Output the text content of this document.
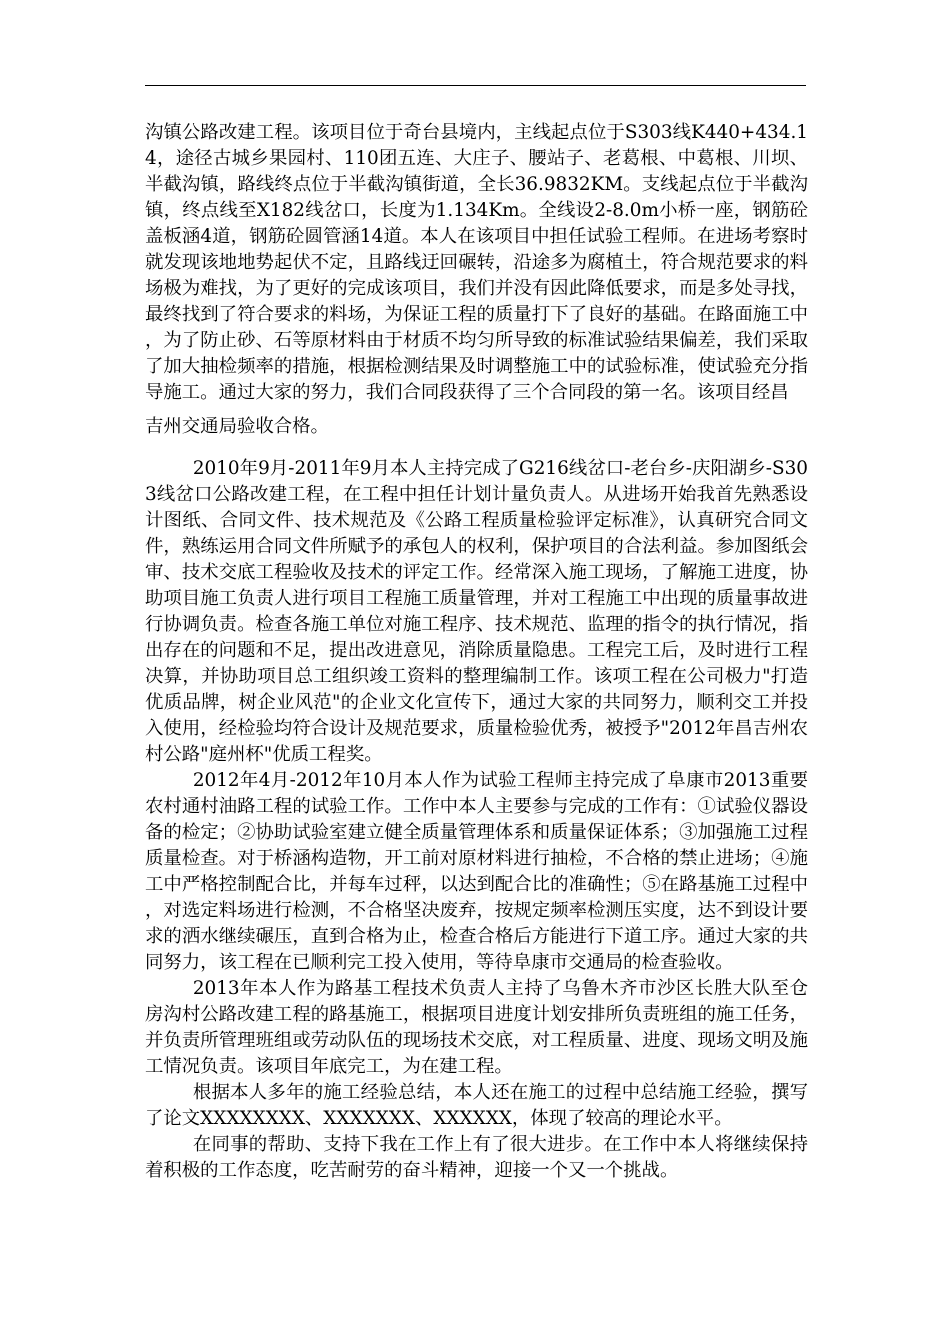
沟镇公路改建工程。该项目位于奇台县境内，主线起点位于S303线K440+434.14，途径古城乡果园村、110团五连、大庄子、腰站子、老葛根、中葛根、川坝、半截沟镇，路线终点位于半截沟镇街道，全长36.9832KM。支线起点位于半截沟镇，终点线至X182线岔口，长度为1.134Km。全线设2-8.0m小桥一座，钢筋砼盖板涵4道，钢筋砼圆管涵14道。本人在该项目中担任试验工程师。在进场考察时就发现该地地势起伏不定，且路线迂回碾转，沿途多为腐植土，符合规范要求的料场极为难找，为了更好的完成该项目，我们并没有因此降低要求，而是多处寻找，最终找到了符合要求的料场，为保证工程的质量打下了良好的基础。在路面施工中，为了防止砂、石等原材料由于材质不均匀所导致的标准试验结果偏差，我们采取了加大抽检频率的措施，根据检测结果及时调整施工中的试验标准，使试验充分指导施工。通过大家的努力，我们合同段获得了三个合同段的第一名。该项目经昌

吉州交通局验收合格。

2010年9月-2011年9月本人主持完成了G216线岔口-老台乡-庆阳湖乡-S303线岔口公路改建工程，在工程中担任计划计量负责人。从进场开始我首先熟悉设计图纸、合同文件、技术规范及《公路工程质量检验评定标准》，认真研究合同文件，熟练运用合同文件所赋予的承包人的权利，保护项目的合法利益。参加图纸会审、技术交底工程验收及技术的评定工作。经常深入施工现场，了解施工进度，协助项目施工负责人进行项目工程施工质量管理，并对工程施工中出现的质量事故进行协调负责。检查各施工单位对施工程序、技术规范、监理的指令的执行情况，指出存在的问题和不足，提出改进意见，消除质量隐患。工程完工后，及时进行工程决算，并协助项目总工组织竣工资料的整理编制工作。该项工程在公司极力"打造优质品牌，树企业风范"的企业文化宣传下，通过大家的共同努力，顺利交工并投入使用，经检验均符合设计及规范要求，质量检验优秀，被授予"2012年昌吉州农村公路"庭州杯"优质工程奖。

2012年4月-2012年10月本人作为试验工程师主持完成了阜康市2013重要农村通村油路工程的试验工作。工作中本人主要参与完成的工作有：①试验仪器设备的检定；②协助试验室建立健全质量管理体系和质量保证体系；③加强施工过程质量检查。对于桥涵构造物，开工前对原材料进行抽检，不合格的禁止进场；④施工中严格控制配合比，并每车过秤，以达到配合比的准确性；⑤在路基施工过程中，对选定料场进行检测，不合格坚决废弃，按规定频率检测压实度，达不到设计要求的洒水继续碾压，直到合格为止，检查合格后方能进行下道工序。通过大家的共同努力，该工程在已顺利完工投入使用，等待阜康市交通局的检查验收。

2013年本人作为路基工程技术负责人主持了乌鲁木齐市沙区长胜大队至仓房沟村公路改建工程的路基施工，根据项目进度计划安排所负责班组的施工任务，并负责所管理班组或劳动队伍的现场技术交底，对工程质量、进度、现场文明及施工情况负责。该项目年底完工，为在建工程。

根据本人多年的施工经验总结，本人还在施工的过程中总结施工经验，撰写了论文XXXXXXXX、XXXXXXX、XXXXXX，体现了较高的理论水平。

在同事的帮助、支持下我在工作上有了很大进步。在工作中本人将继续保持着积极的工作态度，吃苦耐劳的奋斗精神，迎接一个又一个挑战。
